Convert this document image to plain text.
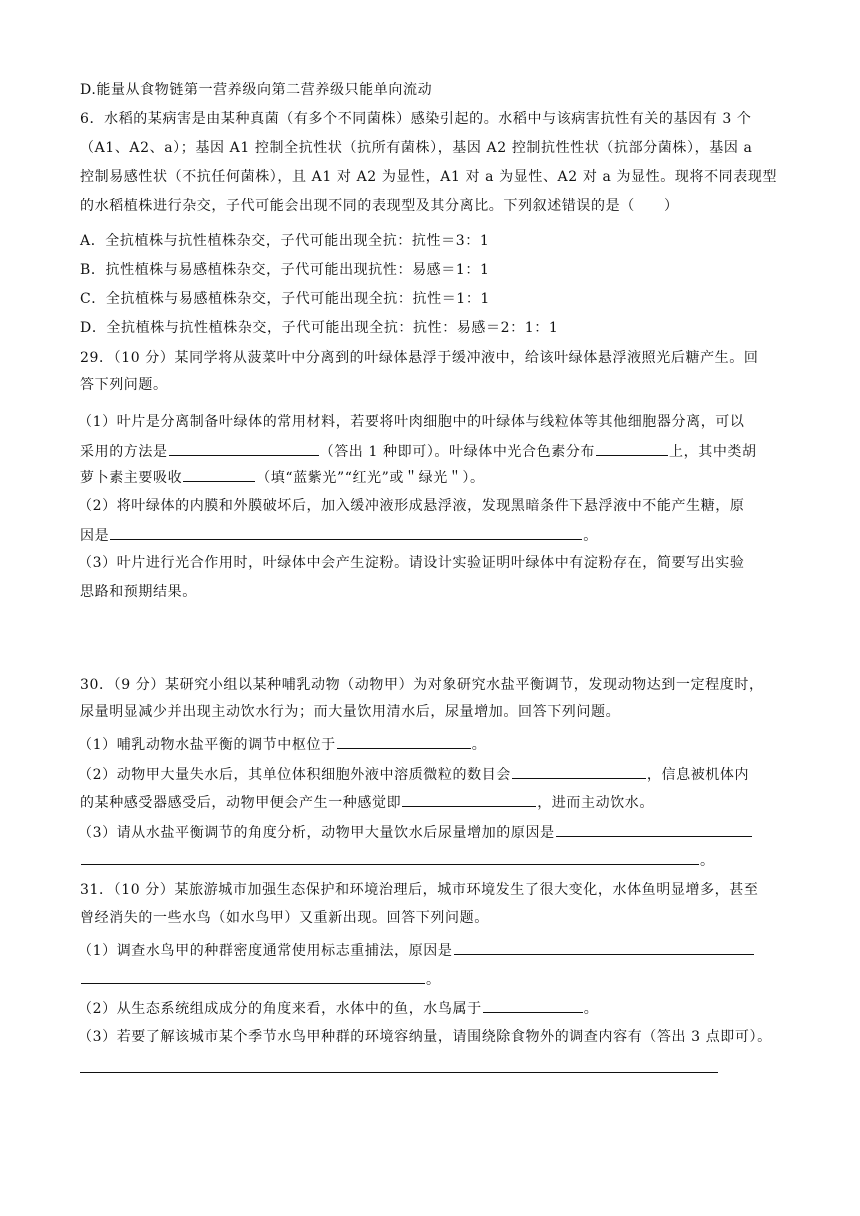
D.能量从食物链第一营养级向第二营养级只能单向流动
6．水稻的某病害是由某种真菌（有多个不同菌株）感染引起的。水稻中与该病害抗性有关的基因有 3 个
（A1、A2、a）；基因 A1 控制全抗性状（抗所有菌株），基因 A2 控制抗性性状（抗部分菌株），基因 a
控制易感性状（不抗任何菌株），且 A1 对 A2 为显性，A1 对 a 为显性、A2 对 a 为显性。现将不同表现型
的水稻植株进行杂交，子代可能会出现不同的表现型及其分离比。下列叙述错误的是（　　）
A．全抗植株与抗性植株杂交，子代可能出现全抗：抗性＝3：1
B．抗性植株与易感植株杂交，子代可能出现抗性：易感＝1：1
C．全抗植株与易感植株杂交，子代可能出现全抗：抗性＝1：1
D．全抗植株与抗性植株杂交，子代可能出现全抗：抗性：易感＝2：1：1
29．（10 分）某同学将从菠菜叶中分离到的叶绿体悬浮于缓冲液中，给该叶绿体悬浮液照光后糖产生。回
答下列问题。
（1）叶片是分离制备叶绿体的常用材料，若要将叶肉细胞中的叶绿体与线粒体等其他细胞器分离，可以
采用的方法是	（答出 1 种即可）。叶绿体中光合色素分布	上，其中类胡
萝卜素主要吸收	（填“蓝紫光”“红光”或＂绿光＂）。
（2）将叶绿体的内膜和外膜破坏后，加入缓冲液形成悬浮液，发现黑暗条件下悬浮液中不能产生糖，原
因是	。
（3）叶片进行光合作用时，叶绿体中会产生淀粉。请设计实验证明叶绿体中有淀粉存在，简要写出实验
思路和预期结果。
30．（9 分）某研究小组以某种哺乳动物（动物甲）为对象研究水盐平衡调节，发现动物达到一定程度时，
尿量明显减少并出现主动饮水行为；而大量饮用清水后，尿量增加。回答下列问题。
（1）哺乳动物水盐平衡的调节中枢位于	。
（2）动物甲大量失水后，其单位体积细胞外液中溶质微粒的数目会	，信息被机体内
的某种感受器感受后，动物甲便会产生一种感觉即	，进而主动饮水。
（3）请从水盐平衡调节的角度分析，动物甲大量饮水后尿量增加的原因是
。
31．（10 分）某旅游城市加强生态保护和环境治理后，城市环境发生了很大变化，水体鱼明显增多，甚至
曾经消失的一些水鸟（如水鸟甲）又重新出现。回答下列问题。
（1）调查水鸟甲的种群密度通常使用标志重捕法，原因是
。
（2）从生态系统组成成分的角度来看，水体中的鱼，水鸟属于	。
（3）若要了解该城市某个季节水鸟甲种群的环境容纳量，请围绕除食物外的调查内容有（答出 3 点即可）。
